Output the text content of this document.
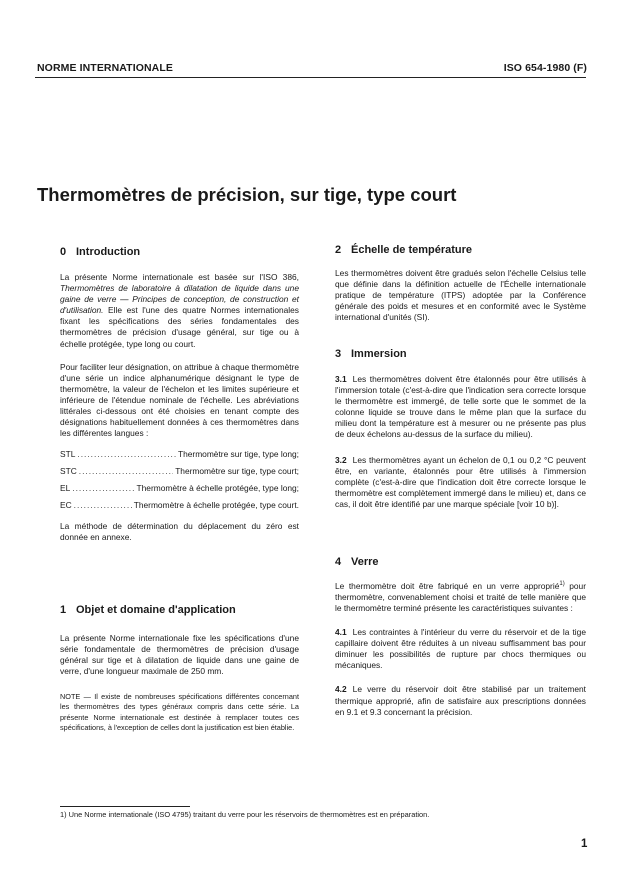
NORME INTERNATIONALE	ISO 654-1980 (F)
Thermomètres de précision, sur tige, type court
0 Introduction

La présente Norme internationale est basée sur l'ISO 386, Thermomètres de laboratoire à dilatation de liquide dans une gaine de verre — Principes de conception, de construction et d'utilisation. Elle est l'une des quatre Normes internationales fixant les spécifications des séries fondamentales des thermomètres de précision d'usage général, sur tige ou à échelle protégée, type long ou court.

Pour faciliter leur désignation, on attribue à chaque thermomètre d'une série un indice alphanumérique désignant le type de thermomètre, la valeur de l'échelon et les limites supérieure et inférieure de l'étendue nominale de l'échelle. Les abréviations littérales ci-dessous ont été choisies en tenant compte des désignations habituellement données à ces thermomètres dans les différentes langues :

STL .....	Thermomètre sur tige, type long;
STC .....	Thermomètre sur tige, type court;
EL .....	Thermomètre à échelle protégée, type long;
EC .....	Thermomètre à échelle protégée, type court.

La méthode de détermination du déplacement du zéro est donnée en annexe.

1 Objet et domaine d'application

La présente Norme internationale fixe les spécifications d'une série fondamentale de thermomètres de précision d'usage général sur tige et à dilatation de liquide dans une gaine de verre, d'une longueur maximale de 250 mm.

NOTE — Il existe de nombreuses spécifications différentes concernant les thermomètres des types généraux compris dans cette série. La présente Norme internationale est destinée à remplacer toutes ces spécifications, à l'exception de celles dont la justification est bien établie.
2 Échelle de température

Les thermomètres doivent être gradués selon l'échelle Celsius telle que définie dans la définition actuelle de l'Échelle internationale pratique de température (ITPS) adoptée par la Conférence générale des poids et mesures et en conformité avec le Système international d'unités (SI).

3 Immersion

3.1 Les thermomètres doivent être étalonnés pour être utilisés à l'immersion totale (c'est-à-dire que l'indication sera correcte lorsque le thermomètre est immergé, de telle sorte que le sommet de la colonne liquide se trouve dans le même plan que la surface du milieu dont la température est à mesurer ou ne présente pas plus de deux échelons au-dessus de la surface du milieu).

3.2 Les thermomètres ayant un échelon de 0,1 ou 0,2 °C peuvent être, en variante, étalonnés pour être utilisés à l'immersion complète (c'est-à-dire que l'indication doit être correcte lorsque le thermomètre est complètement immergé dans le milieu) et, dans ce cas, il doit être identifié par une marque spéciale [voir 10 b)].

4 Verre

Le thermomètre doit être fabriqué en un verre approprié$^{1)}$ pour thermomètre, convenablement choisi et traité de telle manière que le thermomètre terminé présente les caractéristiques suivantes :

4.1 Les contraintes à l'intérieur du verre du réservoir et de la tige capillaire doivent être réduites à un niveau suffisamment bas pour diminuer les possibilités de rupture par chocs thermiques ou mécaniques.

4.2 Le verre du réservoir doit être stabilisé par un traitement thermique approprié, afin de satisfaire aux prescriptions données en 9.1 et 9.3 concernant la précision.

1) Une Norme internationale (ISO 4795) traitant du verre pour les réservoirs de thermomètres est en préparation.
1
